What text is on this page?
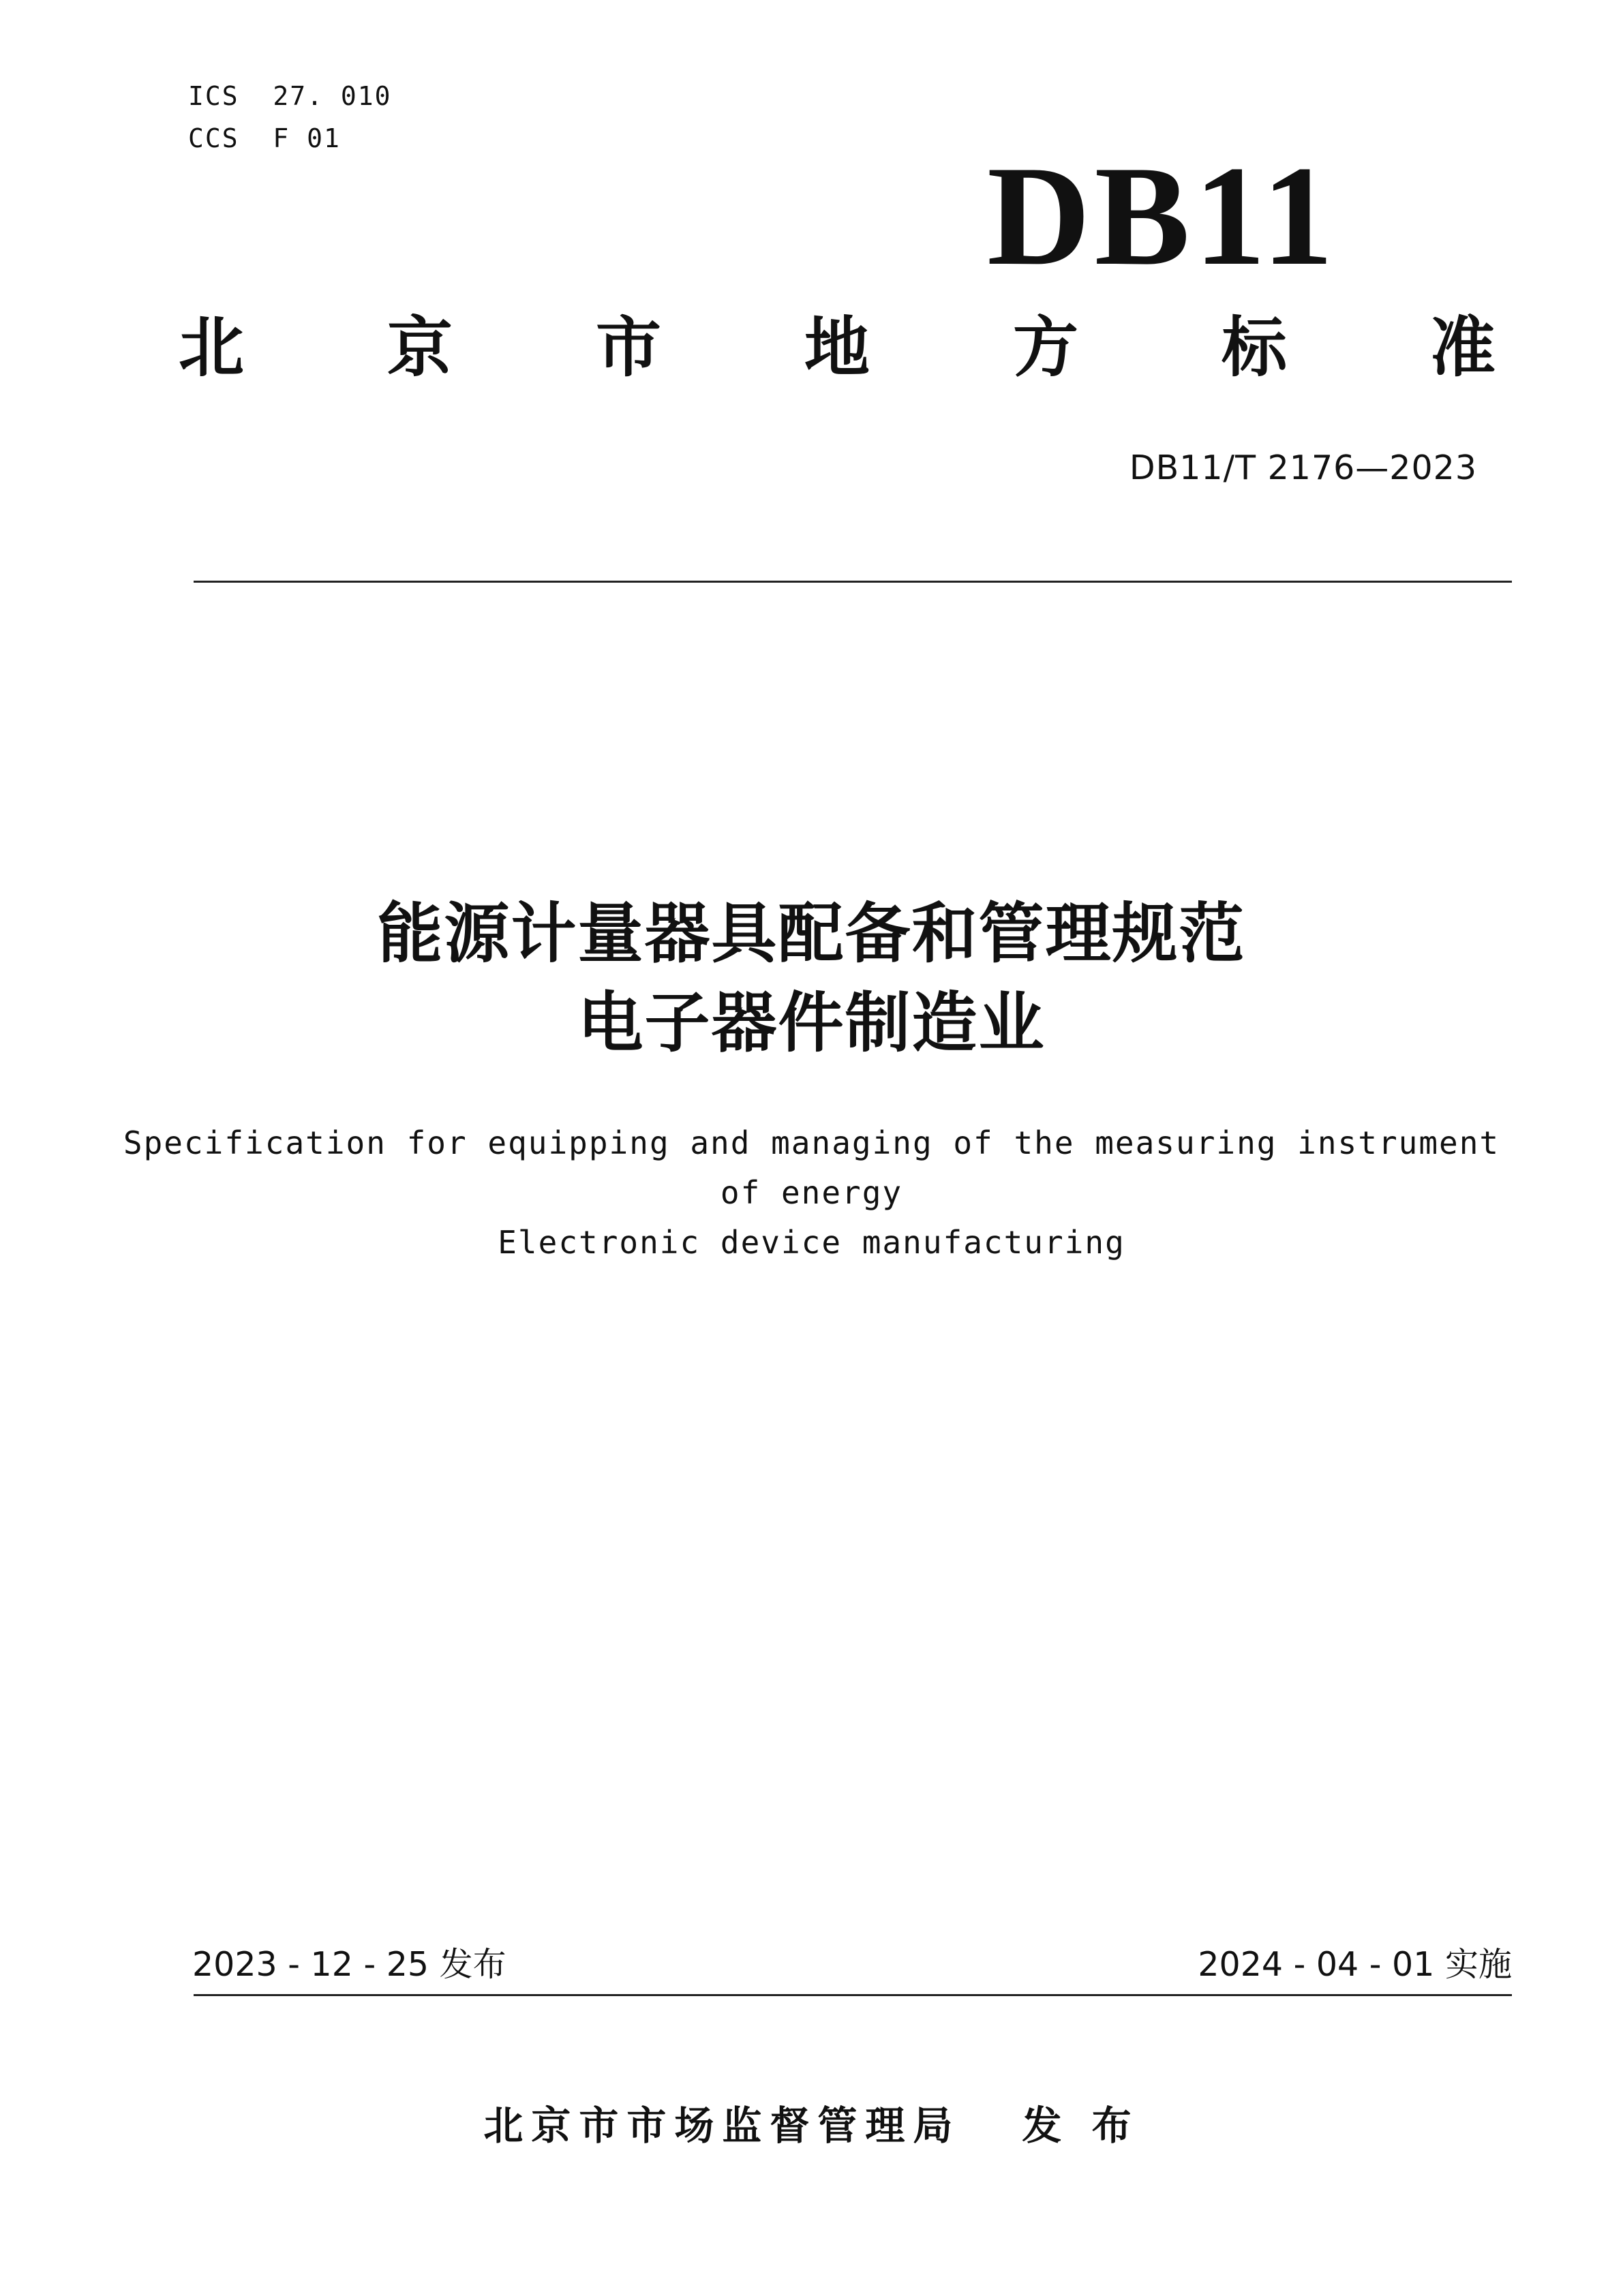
ICS  27. 010
CCS  F 01	DB11
北 京 市 地 方 标 准
DB11/T 2176—2023
能源计量器具配备和管理规范
电子器件制造业
Specification for equipping and managing of the measuring instrument
of energy
Electronic device manufacturing
2023 - 12 - 25 发布	2024 - 04 - 01 实施
北京市市场监督管理局 发 布
